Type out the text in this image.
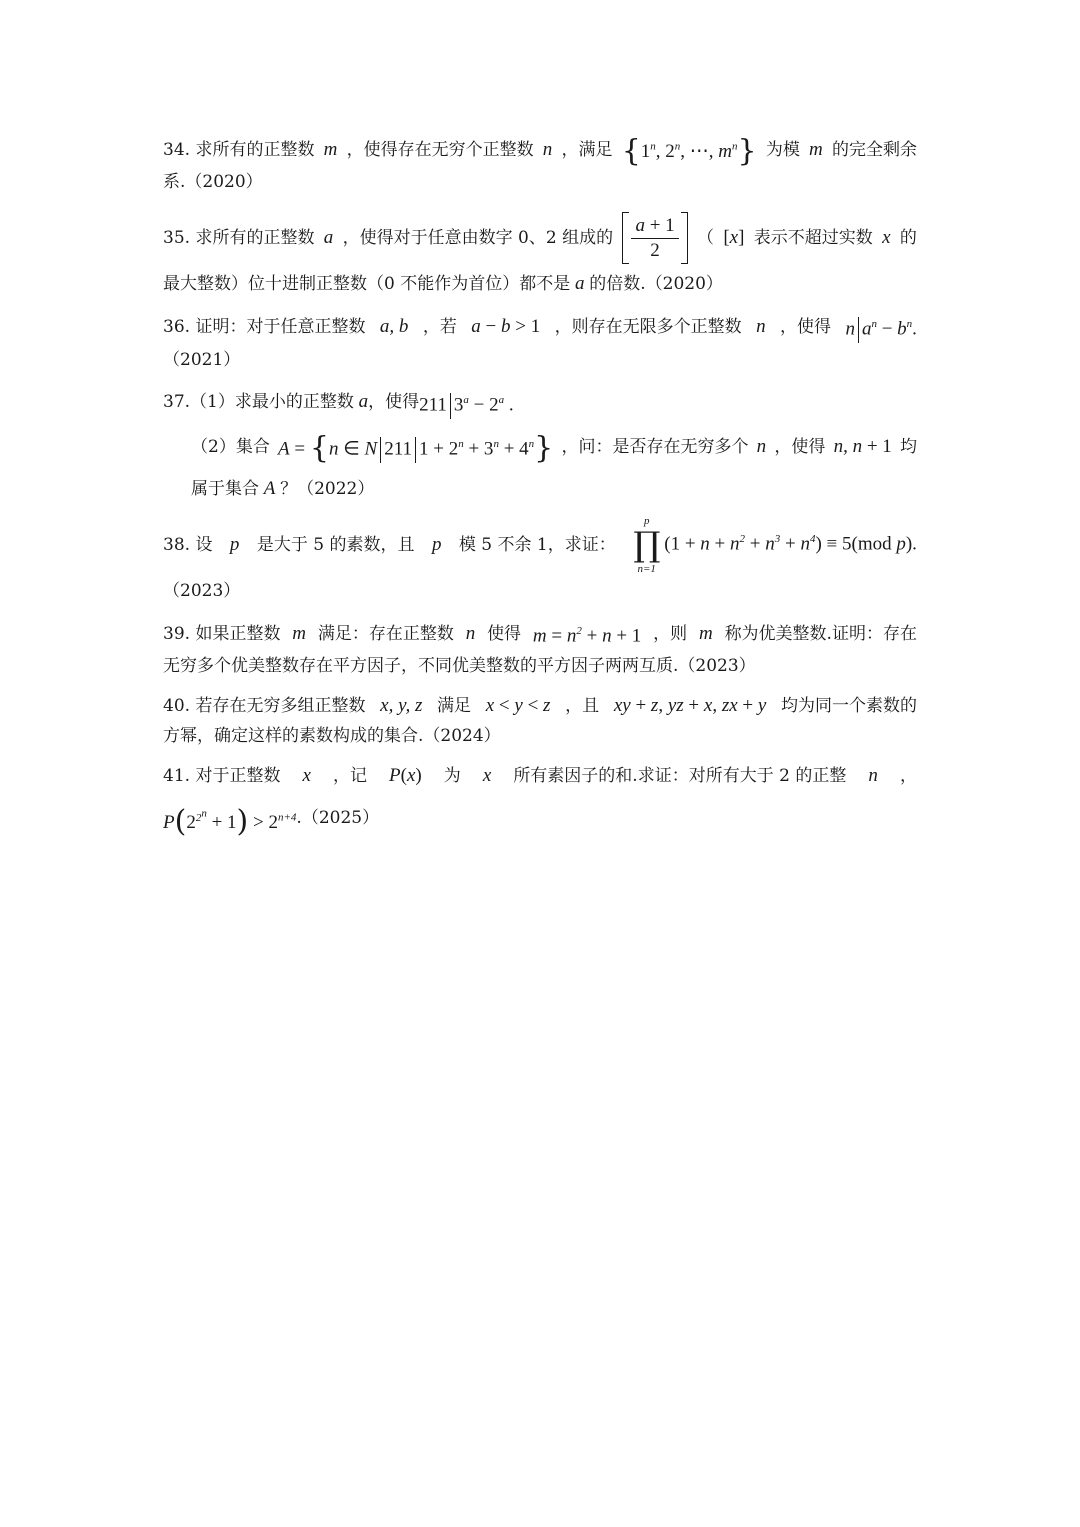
34. 求所有的正整数 m ，使得存在无穷个正整数 n ，满足 {1$^n$, 2$^n$, ⋯, $m^n$} 为模 m 的完全剩余
系.（2020）
35. 求所有的正整数 a ，使得对于任意由数字 0、2 组成的 $\frac{a + 1}{2}$ （ [x] 表示不超过实数 x 的
最大整数）位十进制正整数（0 不能作为首位）都不是 a 的倍数.（2020）
36. 证明：对于任意正整数 a, b ，若 a − b > 1 ，则存在无限多个正整数 n ，使得 n $a^n - b^n$.
（2021）
37.（1）求最小的正整数 a ，使得 211 $3^a - 2^a$ .
（2）集合 A = {n ∈ N 211 $1 + 2^n + 3^n + 4^n$} ，问：是否存在无穷多个 n ，使得 n, n + 1 均
属于集合 A ？（2022）
38. 设 p 是大于 5 的素数，且 p 模 5 不余 1，求证：
p
∏
n=1
$(1 + n + n^2 + n^3 + n^4) \equiv 5(mod$ p).
（2023）
39. 如果正整数 m 满足：存在正整数 n 使得 $m = n^2 + n + 1$ ，则 m 称为优美整数.证明：存在
无穷多个优美整数存在平方因子，不同优美整数的平方因子两两互质.（2023）
40. 若存在无穷多组正整数 x, y, z 满足 x < y < z ，且 xy + z, yz + x, zx + y 均为同一个素数的
方幂，确定这样的素数构成的集合.（2024）
41. 对于正整数 x ，记 P(x) 为 x 所有素因子的和.求证：对所有大于 2 的正整 n ，
$P(2^{2^n} + 1) > 2^{n+4}$ .（2025）
